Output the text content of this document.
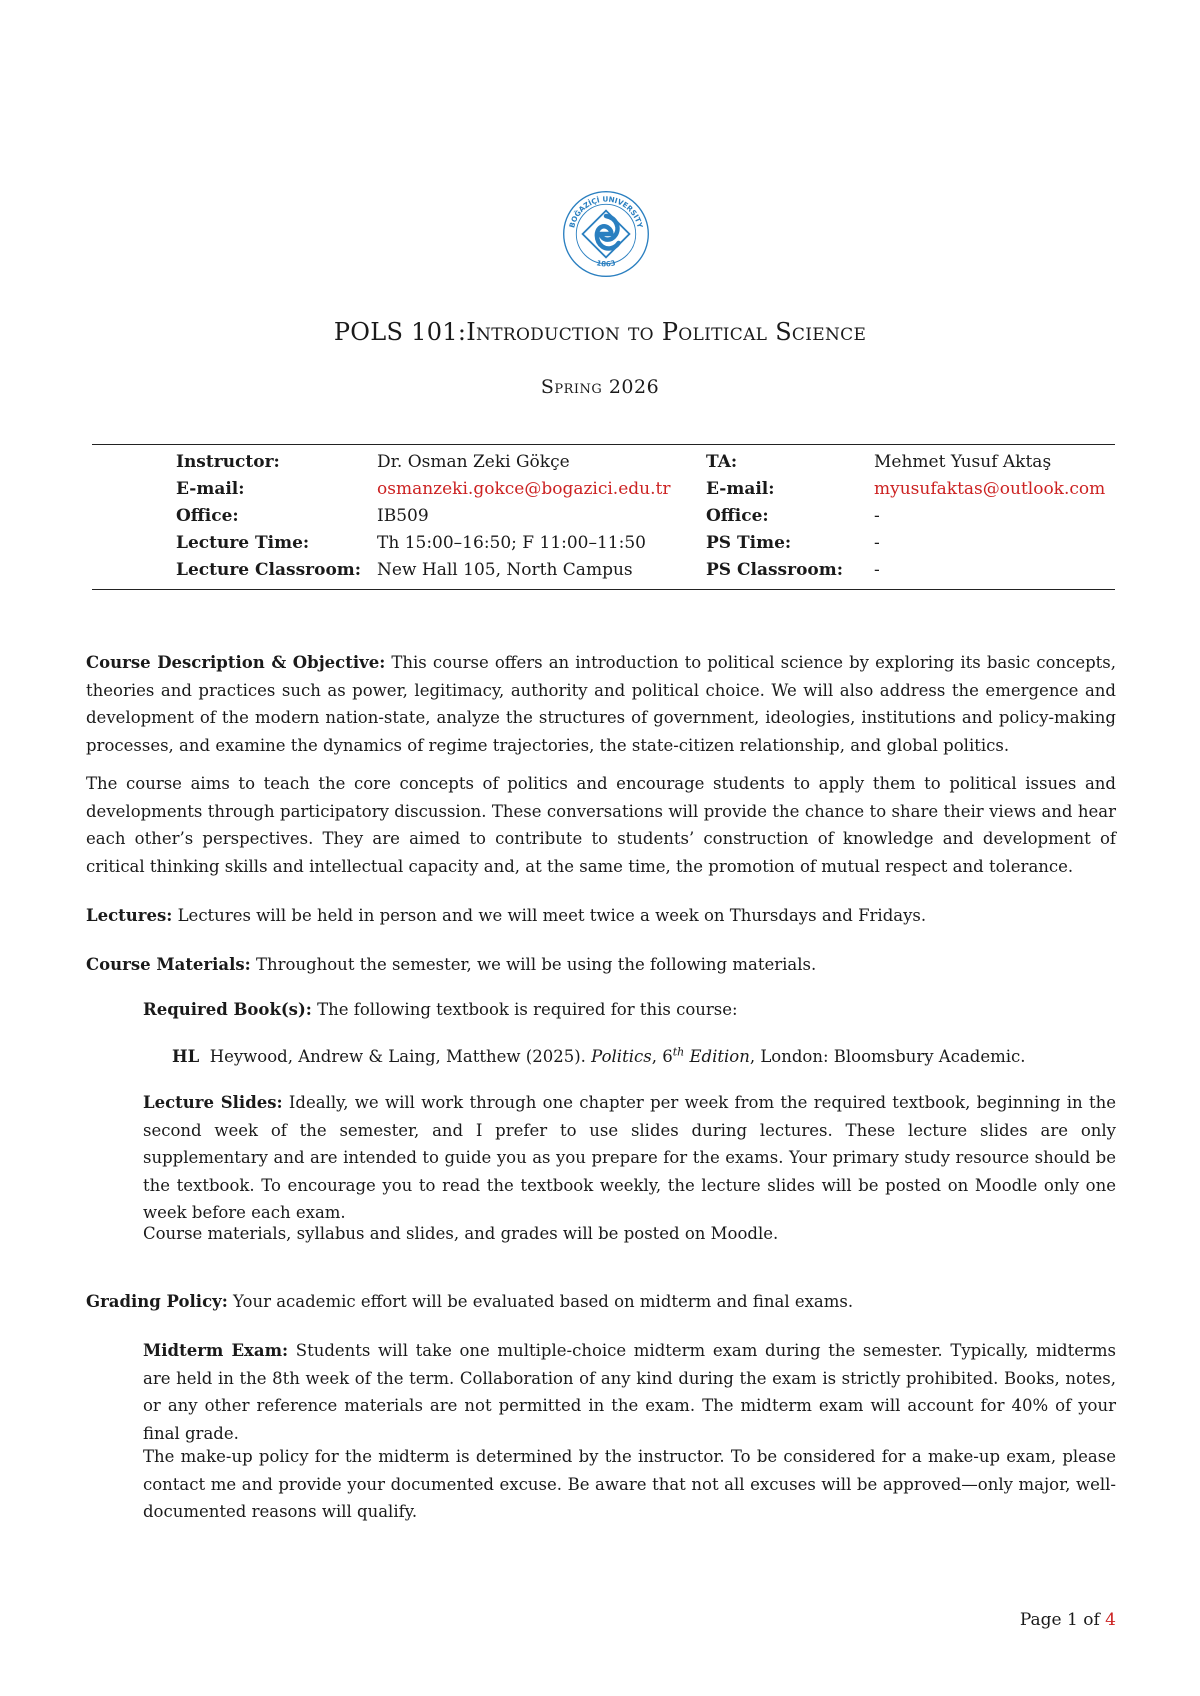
BOĞAZİÇİ UNIVERSITY
1863
POLS 101:Introduction to Political Science
Spring 2026
Instructor:	Dr. Osman Zeki Gökçe	TA:	Mehmet Yusuf Aktaş
E-mail:	osmanzeki.gokce@bogazici.edu.tr E-mail:	myusufaktas@outlook.com
Office:	IB509	Office:	-
Lecture Time:	Th 15:00–16:50; F 11:00–11:50	PS Time:	-
Lecture Classroom: New Hall 105, North Campus	PS Classroom: -

Course Description & Objective: This course offers an introduction to political science by exploring its basic concepts, theories and practices such as power, legitimacy, authority and political choice. We will also address the emergence and development of the modern nation-state, analyze the structures of government, ideologies, institutions and policy-making processes, and examine the dynamics of regime trajectories, the state-citizen relationship, and global politics.

The course aims to teach the core concepts of politics and encourage students to apply them to political issues and developments through participatory discussion. These conversations will provide the chance to share their views and hear each other’s perspectives. They are aimed to contribute to students’ construction of knowledge and development of critical thinking skills and intellectual capacity and, at the same time, the promotion of mutual respect and tolerance.

Lectures: Lectures will be held in person and we will meet twice a week on Thursdays and Fridays.

Course Materials: Throughout the semester, we will be using the following materials.

Required Book(s): The following textbook is required for this course:

HL Heywood, Andrew & Laing, Matthew (2025). Politics, 6th Edition, London: Bloomsbury Academic.

Lecture Slides: Ideally, we will work through one chapter per week from the required textbook, beginning in the second week of the semester, and I prefer to use slides during lectures. These lecture slides are only supplementary and are intended to guide you as you prepare for the exams. Your primary study resource should be the textbook. To encourage you to read the textbook weekly, the lecture slides will be posted on Moodle only one week before each exam.

Course materials, syllabus and slides, and grades will be posted on Moodle.

Grading Policy: Your academic effort will be evaluated based on midterm and final exams.

Midterm Exam: Students will take one multiple-choice midterm exam during the semester. Typically, midterms are held in the 8th week of the term. Collaboration of any kind during the exam is strictly prohibited. Books, notes, or any other reference materials are not permitted in the exam. The midterm exam will account for 40% of your final grade.

The make-up policy for the midterm is determined by the instructor. To be considered for a make-up exam, please contact me and provide your documented excuse. Be aware that not all excuses will be approved—only major, well-documented reasons will qualify.

Page 1 of 4
